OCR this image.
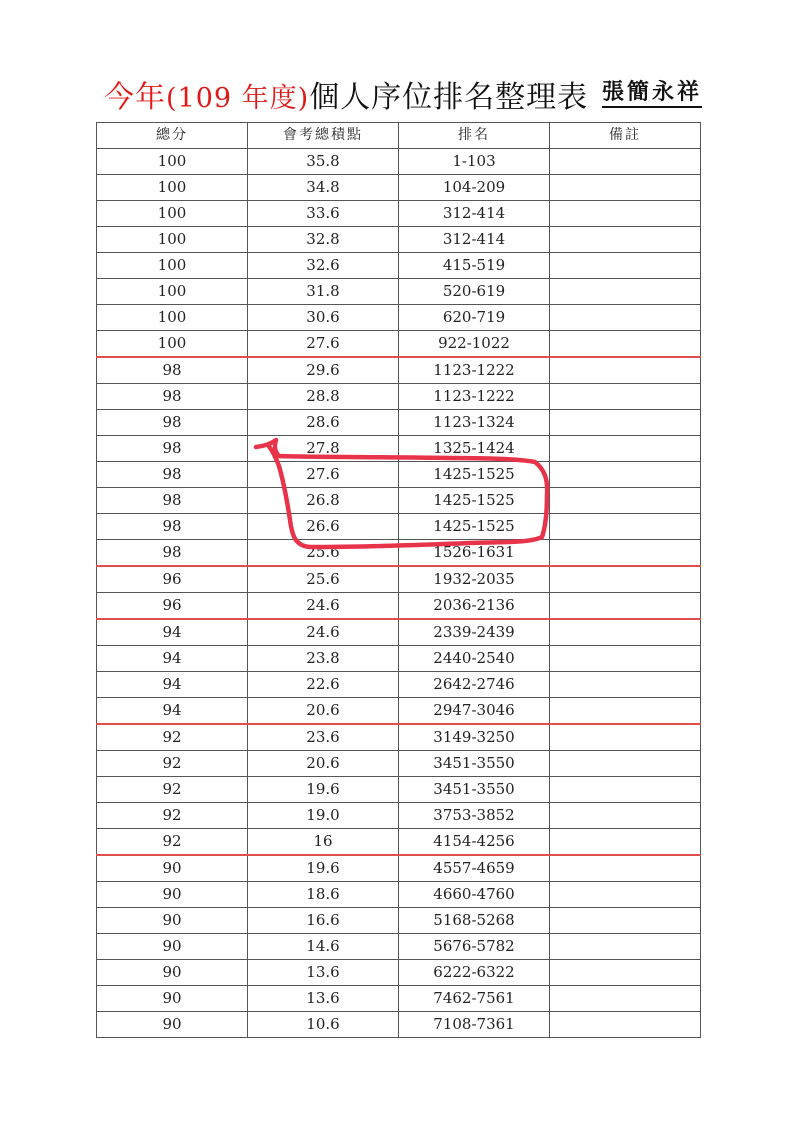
今年 (109 年度) 個人序位排名整理表 張簡永祥
總分	會考總積點	排名	備註
100	35.8	1-103	
100	34.8	104-209	
100	33.6	312-414	
100	32.8	312-414	
100	32.6	415-519	
100	31.8	520-619	
100	30.6	620-719	
100	27.6	922-1022	
98	29.6	1123-1222	
98	28.8	1123-1222	
98	28.6	1123-1324	
98	27.8	1325-1424	
98	27.6	1425-1525	
98	26.8	1425-1525	
98	26.6	1425-1525	
98	25.6	1526-1631	
96	25.6	1932-2035	
96	24.6	2036-2136	
94	24.6	2339-2439	
94	23.8	2440-2540	
94	22.6	2642-2746	
94	20.6	2947-3046	
92	23.6	3149-3250	
92	20.6	3451-3550	
92	19.6	3451-3550	
92	19.0	3753-3852	
92	16	4154-4256	
90	19.6	4557-4659	
90	18.6	4660-4760	
90	16.6	5168-5268	
90	14.6	5676-5782	
90	13.6	6222-6322	
90	13.6	7462-7561	
90	10.6	7108-7361	
